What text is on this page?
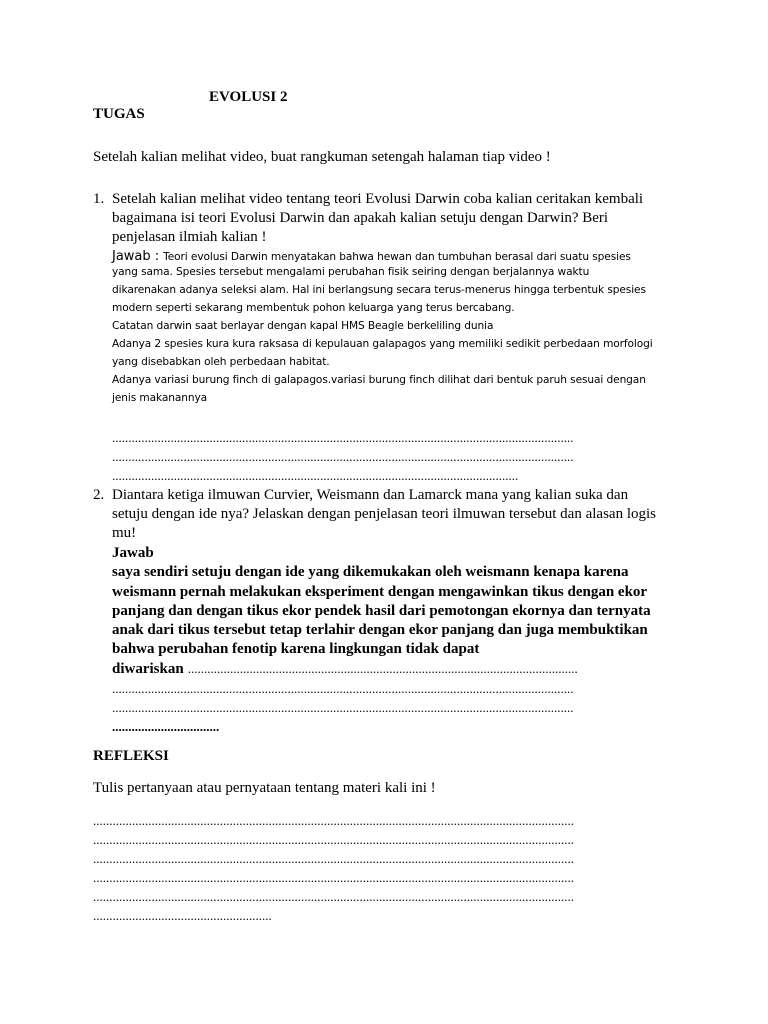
EVOLUSI 2
TUGAS
Setelah kalian melihat video, buat rangkuman setengah halaman tiap video !
1. Setelah kalian melihat video tentang teori Evolusi Darwin coba kalian ceritakan kembali
bagaimana isi teori Evolusi Darwin dan apakah kalian setuju dengan Darwin? Beri
penjelasan ilmiah kalian !
Jawab : Teori evolusi Darwin menyatakan bahwa hewan dan tumbuhan berasal dari suatu spesies
yang sama. Spesies tersebut mengalami perubahan fisik seiring dengan berjalannya waktu
dikarenakan adanya seleksi alam. Hal ini berlangsung secara terus-menerus hingga terbentuk spesies
modern seperti sekarang membentuk pohon keluarga yang terus bercabang.
Catatan darwin saat berlayar dengan kapal HMS Beagle berkeliling dunia
Adanya 2 spesies kura kura raksasa di kepulauan galapagos yang memiliki sedikit perbedaan morfologi
yang disebabkan oleh perbedaan habitat.
Adanya variasi burung finch di galapagos.variasi burung finch dilihat dari bentuk paruh sesuai dengan
jenis makanannya
..............................................................................................................................................
..............................................................................................................................................
.............................................................................................................................
2. Diantara ketiga ilmuwan Curvier, Weismann dan Lamarck mana yang kalian suka dan
setuju dengan ide nya? Jelaskan dengan penjelasan teori ilmuwan tersebut dan alasan logis
mu!
Jawab
saya sendiri setuju dengan ide yang dikemukakan oleh weismann kenapa karena
weismann pernah melakukan eksperiment dengan mengawinkan tikus dengan ekor
panjang dan dengan tikus ekor pendek hasil dari pemotongan ekornya dan ternyata
anak dari tikus tersebut tetap terlahir dengan ekor panjang dan juga membuktikan
bahwa perubahan fenotip karena lingkungan tidak dapat
diwariskan ........................................................................................................................
..............................................................................................................................................
..............................................................................................................................................
.................................
REFLEKSI
Tulis pertanyaan atau pernyataan tentang materi kali ini !
....................................................................................................................................................
....................................................................................................................................................
....................................................................................................................................................
....................................................................................................................................................
....................................................................................................................................................
.......................................................
